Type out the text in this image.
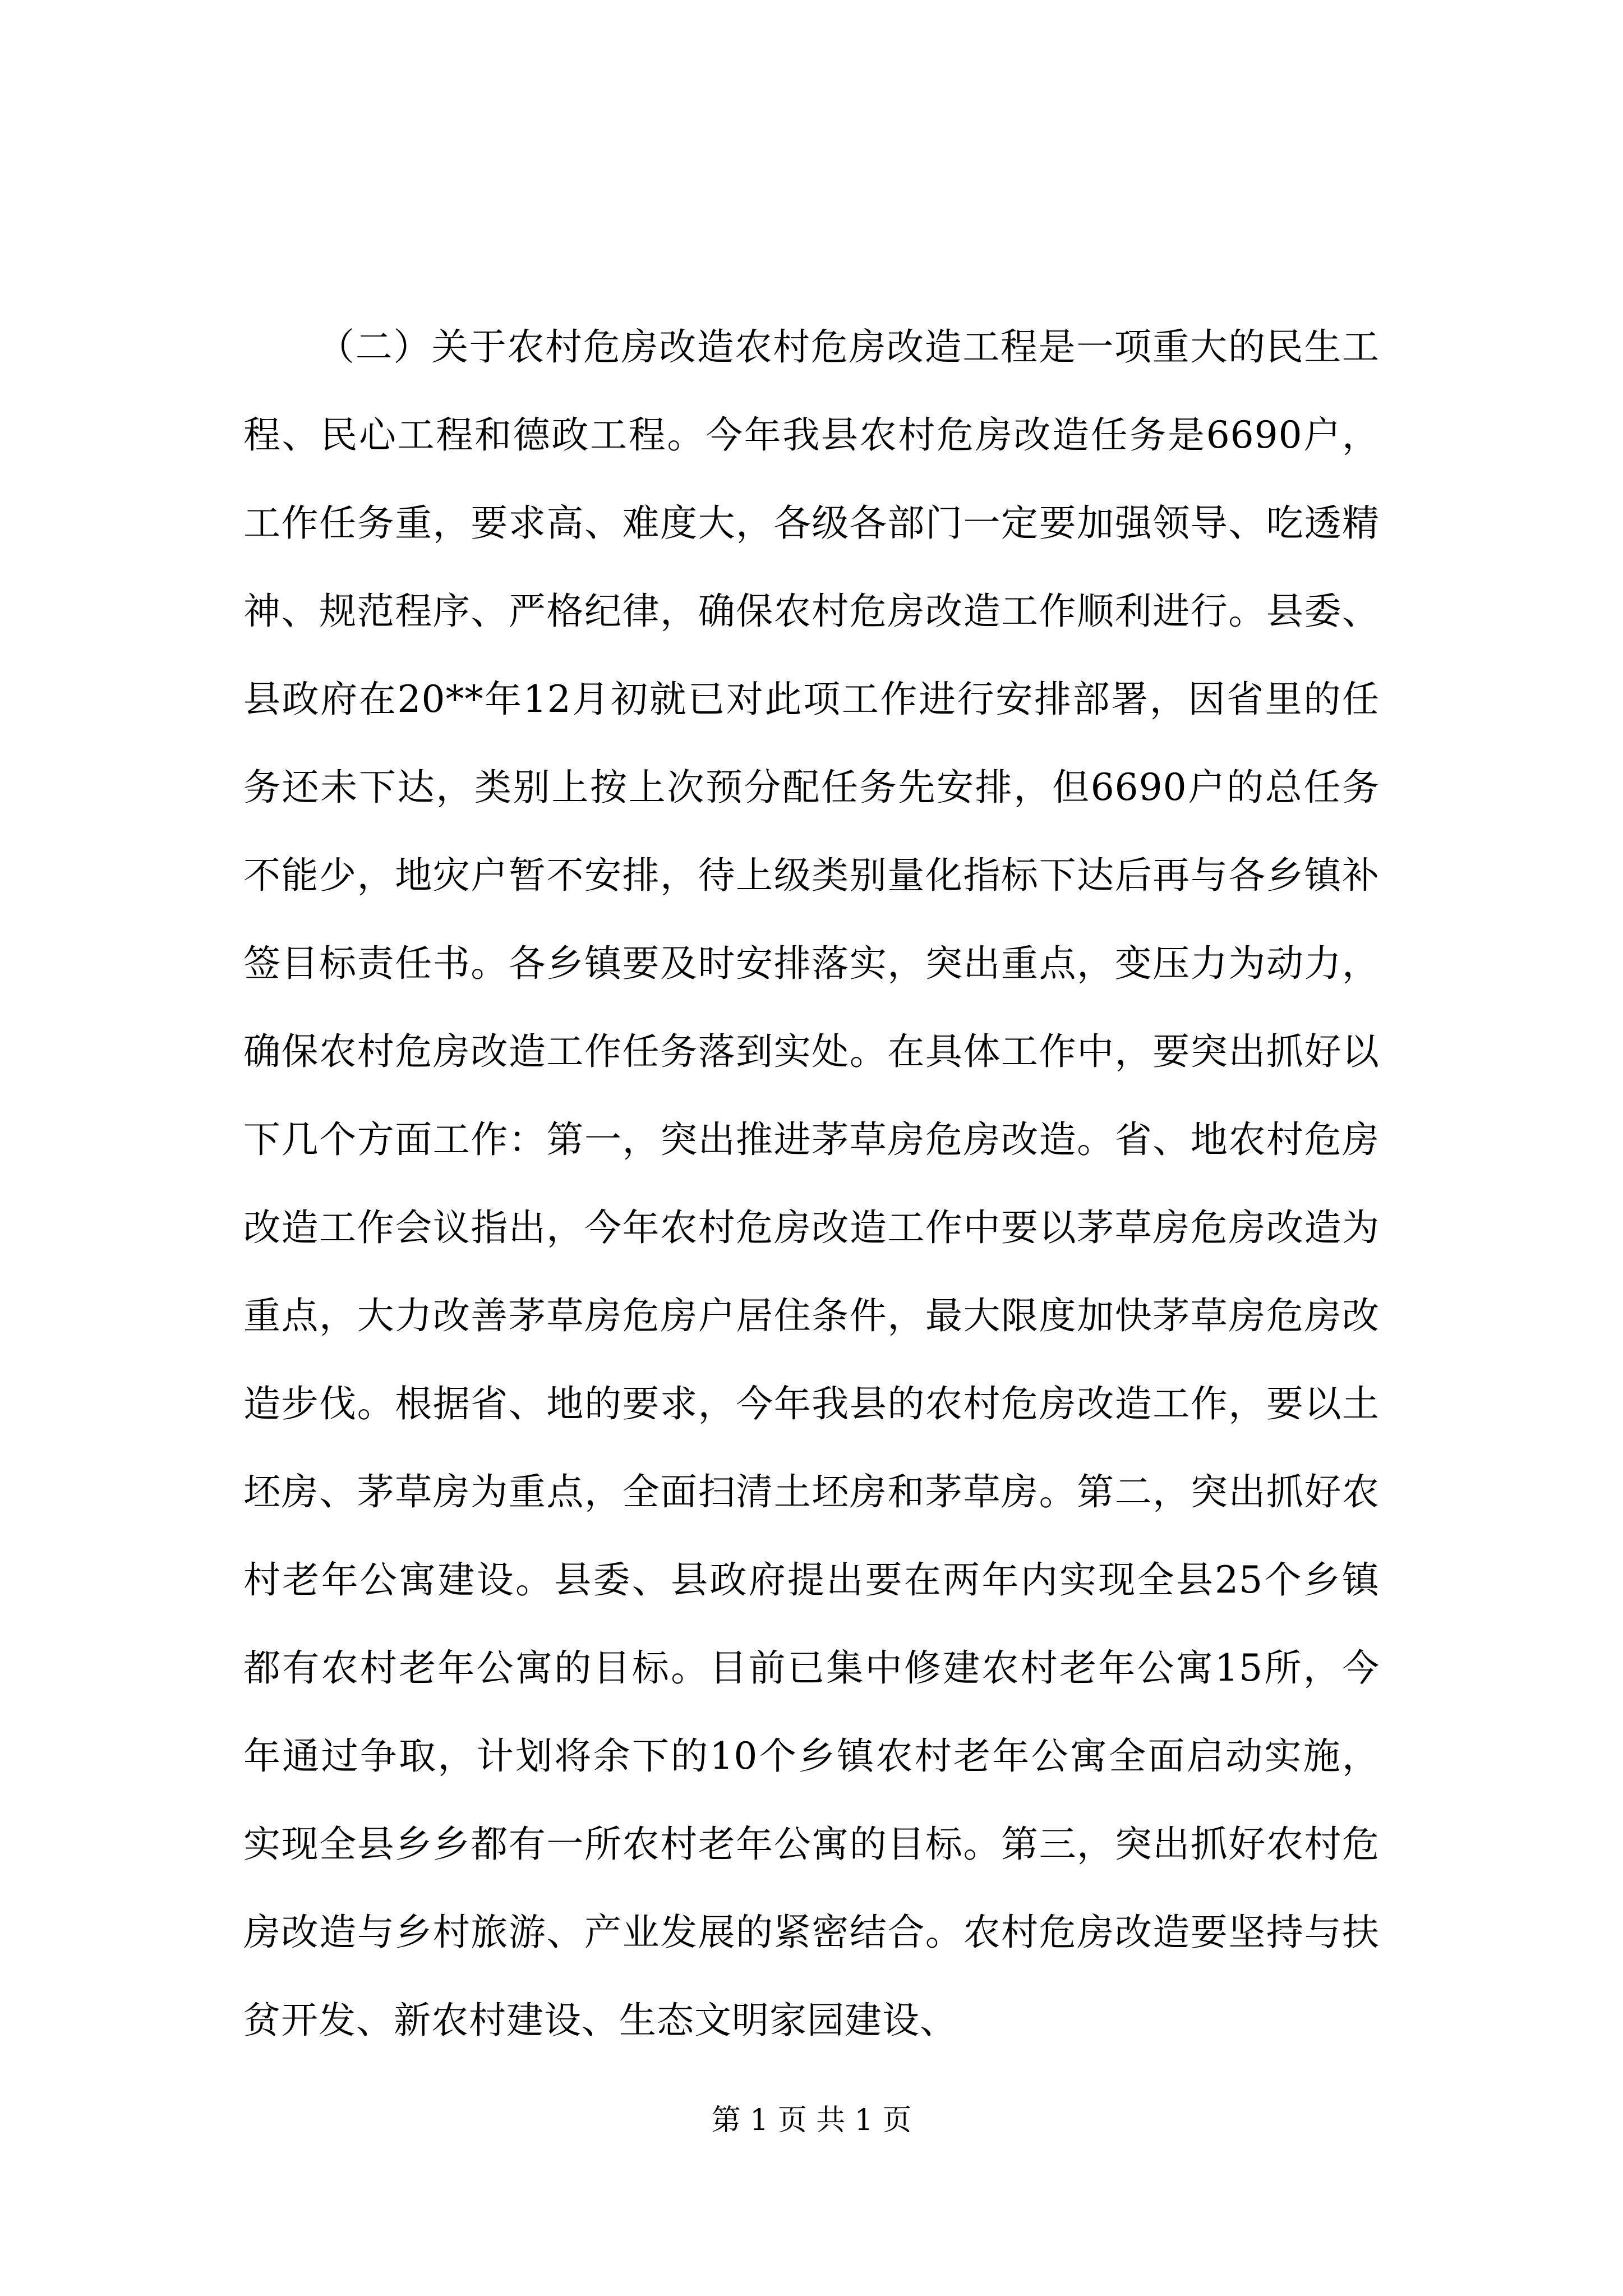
（二）关于农村危房改造农村危房改造工程是一项重大的民生工程、民心工程和德政工程。今年我县农村危房改造任务是6690户，工作任务重，要求高、难度大，各级各部门一定要加强领导、吃透精神、规范程序、严格纪律，确保农村危房改造工作顺利进行。县委、县政府在20**年12月初就已对此项工作进行安排部署，因省里的任务还未下达，类别上按上次预分配任务先安排，但6690户的总任务不能少，地灾户暂不安排，待上级类别量化指标下达后再与各乡镇补签目标责任书。各乡镇要及时安排落实，突出重点，变压力为动力，确保农村危房改造工作任务落到实处。在具体工作中，要突出抓好以下几个方面工作：第一，突出推进茅草房危房改造。省、地农村危房改造工作会议指出，今年农村危房改造工作中要以茅草房危房改造为重点，大力改善茅草房危房户居住条件，最大限度加快茅草房危房改造步伐。根据省、地的要求，今年我县的农村危房改造工作，要以土坯房、茅草房为重点，全面扫清土坯房和茅草房。第二，突出抓好农村老年公寓建设。县委、县政府提出要在两年内实现全县25个乡镇都有农村老年公寓的目标。目前已集中修建农村老年公寓15所，今年通过争取，计划将余下的10个乡镇农村老年公寓全面启动实施，实现全县乡乡都有一所农村老年公寓的目标。第三，突出抓好农村危房改造与乡村旅游、产业发展的紧密结合。农村危房改造要坚持与扶贫开发、新农村建设、生态文明家园建设、

第 1 页 共 1 页
